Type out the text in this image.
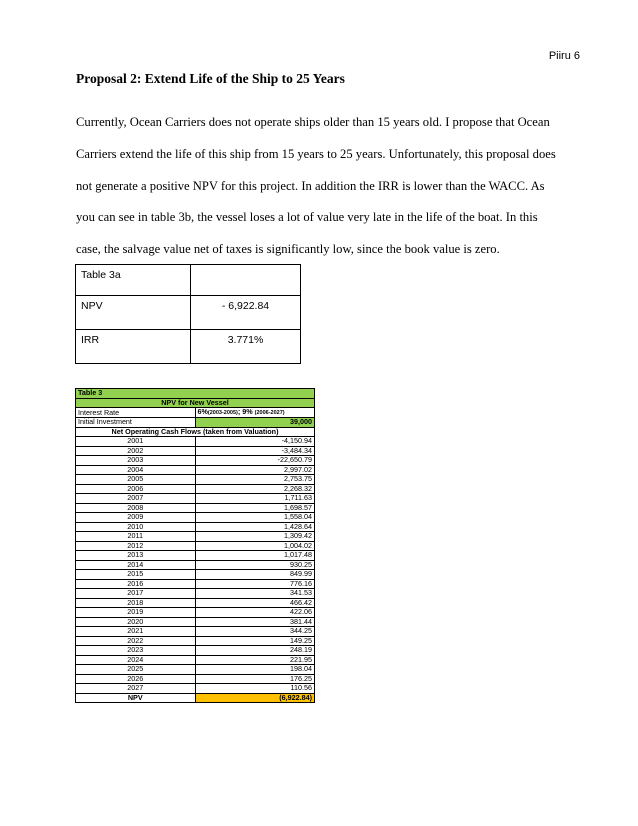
Piiru 6
Proposal 2: Extend Life of the Ship to 25 Years

Currently, Ocean Carriers does not operate ships older than 15 years old. I propose that Ocean
Carriers extend the life of this ship from 15 years to 25 years. Unfortunately, this proposal does
not generate a positive NPV for this project. In addition the IRR is lower than the WACC. As
you can see in table 3b, the vessel loses a lot of value very late in the life of the boat. In this
case, the salvage value net of taxes is significantly low, since the book value is zero.

Table 3a	
NPV	- 6,922.84
IRR	3.771%
Table 3	
NPV for New Vessel	
Interest Rate	6%(2003-2005); 9% (2006-2027)
Initial Investment	39,000
Net Operating Cash Flows (taken from Valuation)	
2001	-4,150.94
2002	-3,484.34
2003	-22,650.79
2004	2,997.02
2005	2,753.75
2006	2,268.32
2007	1,711.63
2008	1,698.57
2009	1,558.04
2010	1,428.64
2011	1,309.42
2012	1,004.02
2013	1,017.48
2014	930.25
2015	849.99
2016	776.16
2017	341.53
2018	466.42
2019	422.06
2020	381.44
2021	344.25
2022	149.25
2023	248.19
2024	221.95
2025	198.04
2026	176.25
2027	110.56
NPV	(6,922.84)
